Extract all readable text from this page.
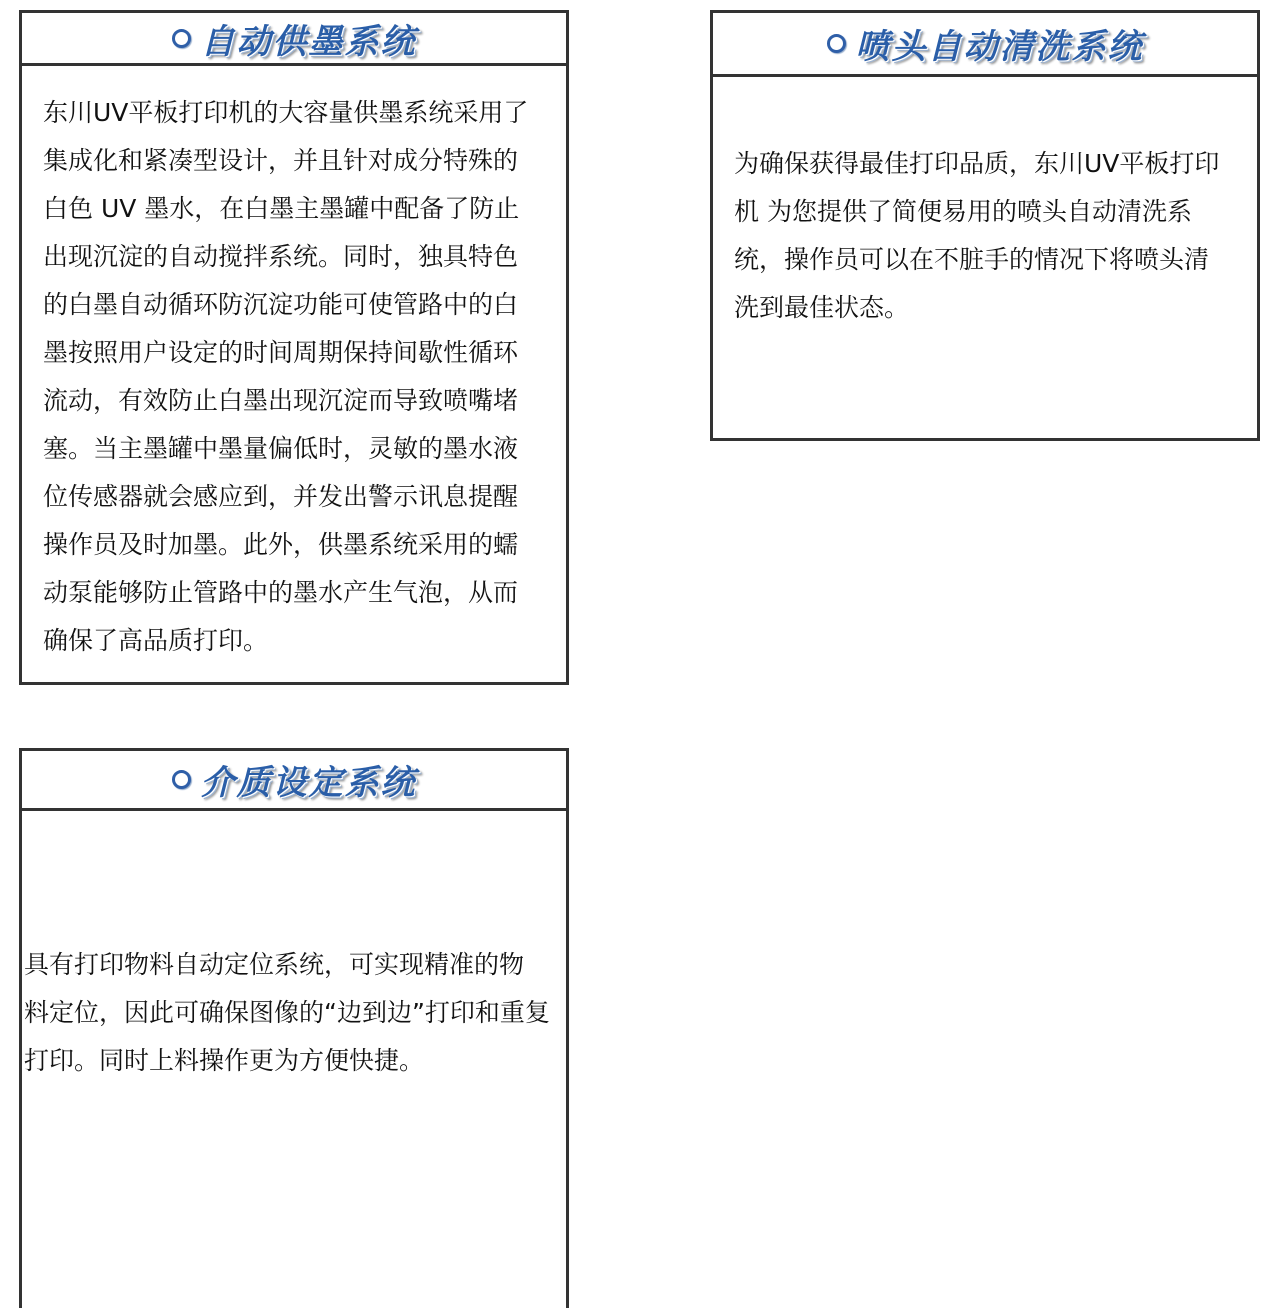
自动供墨系统
东川UV平板打印机的大容量供墨系统采用了
集成化和紧凑型设计，并且针对成分特殊的
白色 UV 墨水，在白墨主墨罐中配备了防止
出现沉淀的自动搅拌系统。同时，独具特色
的白墨自动循环防沉淀功能可使管路中的白
墨按照用户设定的时间周期保持间歇性循环
流动，有效防止白墨出现沉淀而导致喷嘴堵
塞。当主墨罐中墨量偏低时，灵敏的墨水液
位传感器就会感应到，并发出警示讯息提醒
操作员及时加墨。此外，供墨系统采用的蠕
动泵能够防止管路中的墨水产生气泡，从而
确保了高品质打印。
喷头自动清洗系统
为确保获得最佳打印品质，东川UV平板打印
机 为您提供了简便易用的喷头自动清洗系
统，操作员可以在不脏手的情况下将喷头清
洗到最佳状态。
介质设定系统
具有打印物料自动定位系统，可实现精准的物
料定位，因此可确保图像的“边到边”打印和重复
打印。同时上料操作更为方便快捷。
